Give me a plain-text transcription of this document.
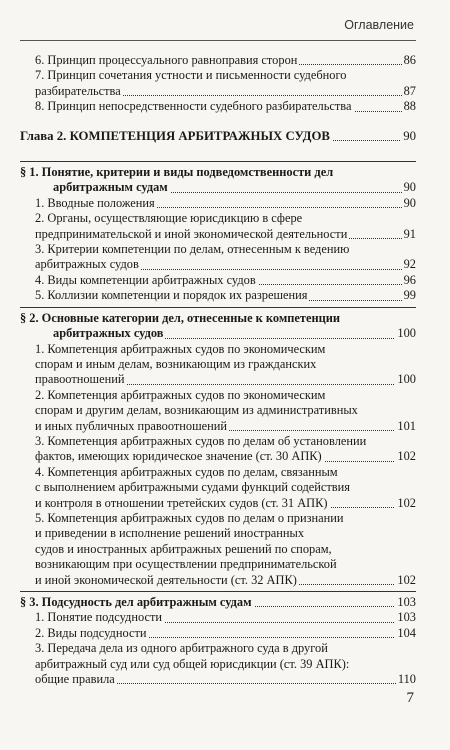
Оглавление
6. Принцип процессуального равноправия сторон	86
7. Принцип сочетания устности и письменности судебного
разбирательства	87
8. Принцип непосредственности судебного разбирательства	88
Глава 2. КОМПЕТЕНЦИЯ АРБИТРАЖНЫХ СУДОВ	90
§ 1. Понятие, критерии и виды подведомственности дел
арбитражным судам	90
1. Вводные положения	90
2. Органы, осуществляющие юрисдикцию в сфере
предпринимательской и иной экономической деятельности	91
3. Критерии компетенции по делам, отнесенным к ведению
арбитражных судов	92
4. Виды компетенции арбитражных судов	96
5. Коллизии компетенции и порядок их разрешения	99
§ 2. Основные категории дел, отнесенные к компетенции
арбитражных судов	100
1. Компетенция арбитражных судов по экономическим
спорам и иным делам, возникающим из гражданских
правоотношений	100
2. Компетенция арбитражных судов по экономическим
спорам и другим делам, возникающим из административных
и иных публичных правоотношений	101
3. Компетенция арбитражных судов по делам об установлении
фактов, имеющих юридическое значение (ст. 30 АПК)	102
4. Компетенция арбитражных судов по делам, связанным
с выполнением арбитражными судами функций содействия
и контроля в отношении третейских судов (ст. 31 АПК)	102
5. Компетенция арбитражных судов по делам о признании
и приведении в исполнение решений иностранных
судов и иностранных арбитражных решений по спорам,
возникающим при осуществлении предпринимательской
и иной экономической деятельности (ст. 32 АПК)	102
§ 3. Подсудность дел арбитражным судам	103
1. Понятие подсудности	103
2. Виды подсудности	104
3. Передача дела из одного арбитражного суда в другой
арбитражный суд или суд общей юрисдикции (ст. 39 АПК):
общие правила	110
7
